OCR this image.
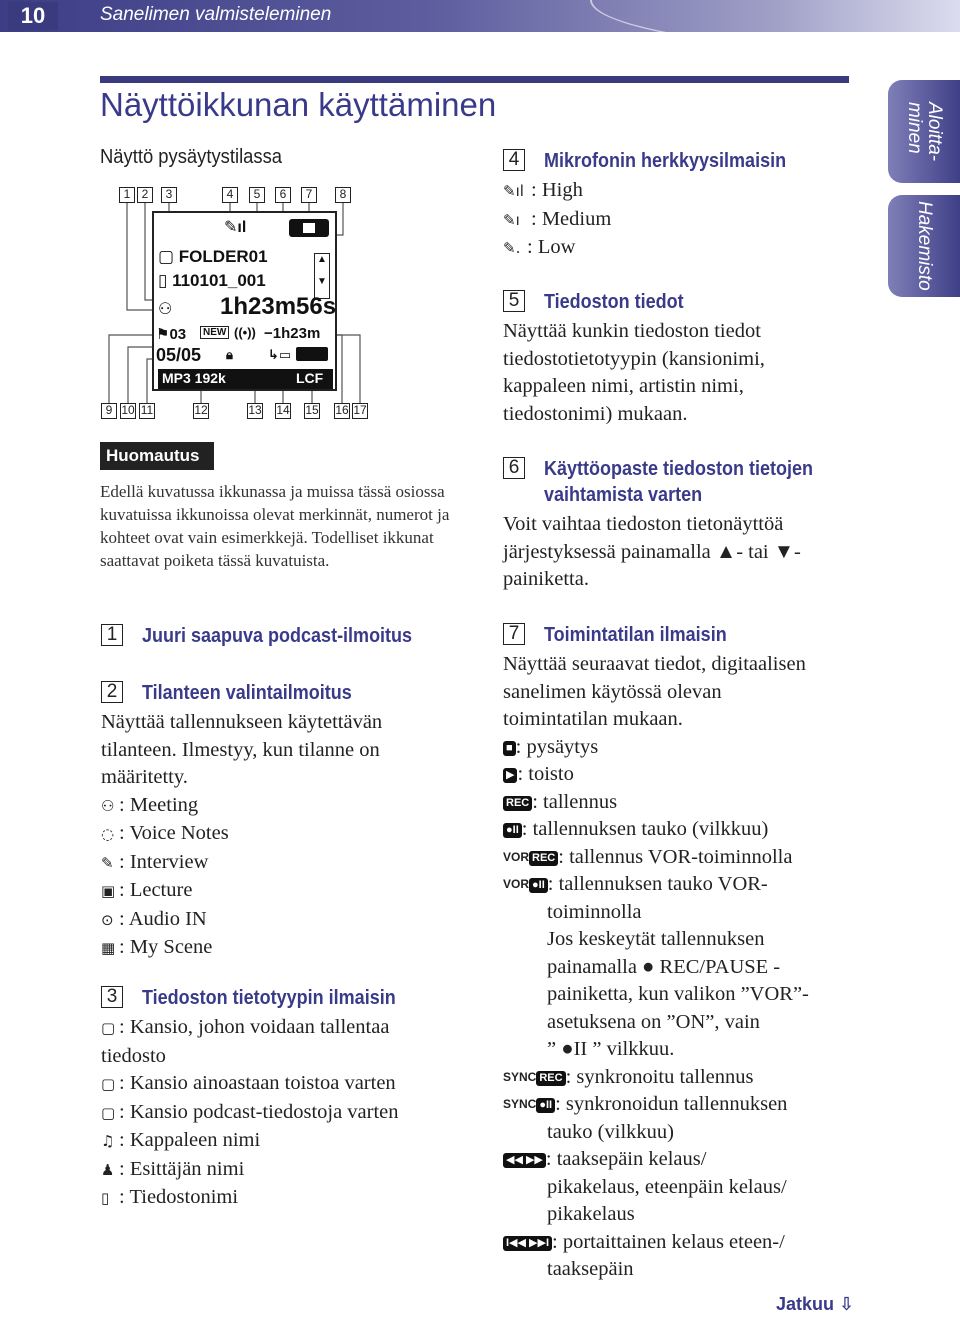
10	Sanelimen valmisteleminen
Aloitta-
minen
Hakemisto
Näyttöikkunan käyttäminen
Näyttö pysäytystilassa
1 2	3	4	5	6	7	8
✎ıl
▢ FOLDER01
▯ 110101_001
▲

▼
⚇ 1h23m56s
⚑03	NEW ((•)) −1h23m
05/05 🔒︎	↳▭
MP3 192k	LCF
9 10 11	12	13 14 15 16 17
Huomautus
Edellä kuvatussa ikkunassa ja muissa tässä osiossa kuvatuissa ikkunoissa olevat merkinnät, numerot ja kohteet ovat vain esimerkkejä. Todelliset ikkunat saattavat poiketa tässä kuvatuista.
1 Juuri saapuva podcast-ilmoitus
2 Tilanteen valintailmoitus
Näyttää tallennukseen käytettävän
tilanteen. Ilmestyy, kun tilanne on
määritetty.
⚇ : Meeting
◌ : Voice Notes
✎ : Interview
▣ : Lecture
⊙ : Audio IN
▦ : My Scene
3 Tiedoston tietotyypin ilmaisin
▢ : Kansio, johon voidaan tallentaa
tiedosto
▢ : Kansio ainoastaan toistoa varten
▢ : Kansio podcast-tiedostoja varten
♫ : Kappaleen nimi
♟ : Esittäjän nimi
▯ : Tiedostonimi
4 Mikrofonin herkkyysilmaisin
✎ıl : High
✎ı : Medium
✎. : Low
5 Tiedoston tiedot
Näyttää kunkin tiedoston tiedot
tiedostotietotyypin (kansionimi,
kappaleen nimi, artistin nimi,
tiedostonimi) mukaan.
6 Käyttöopaste tiedoston tietojen
vaihtamista varten
Voit vaihtaa tiedoston tietonäyttöä
järjestyksessä painamalla ▲- tai ▼-
painiketta.
7 Toimintatilan ilmaisin
Näyttää seuraavat tiedot, digitaalisen
sanelimen käytössä olevan
toimintatilan mukaan.
■ : pysäytys
▶ : toisto
REC : tallennus
●II : tallennuksen tauko (vilkkuu)
VOR REC : tallennus VOR-toiminnolla
VOR ●II : tallennuksen tauko VOR-
toiminnolla
Jos keskeytät tallennuksen
painamalla ● REC/PAUSE -
painiketta, kun valikon ”VOR”-
asetuksena on ”ON”, vain
” ●II ” vilkkuu.
SYNC REC : synkronoitu tallennus
SYNC ●II : synkronoidun tallennuksen
tauko (vilkkuu)
◀◀ ▶▶ : taaksepäin kelaus/
pikakelaus, eteenpäin kelaus/
pikakelaus
I◀◀ ▶▶I : portaittainen kelaus eteen-/
taaksepäin
Jatkuu ⇩
